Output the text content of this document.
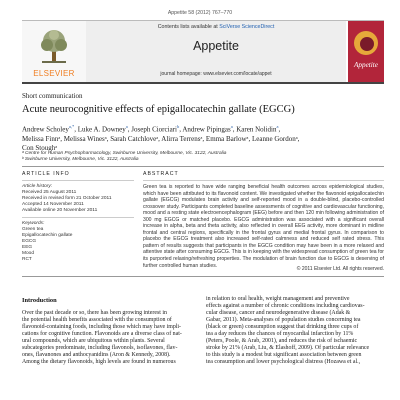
Appetite 58 (2012) 767–770
ELSEVIER
Contents lists available at SciVerse ScienceDirect
Appetite
journal homepage: www.elsevier.com/locate/appet
Appetite
Short communication
Acute neurocognitive effects of epigallocatechin gallate (EGCG)
Andrew Scholey$^{a,*}$, Luke A. Downey$^a$, Joseph Ciorciari$^b$, Andrew Pipingas$^a$, Karen Nolidin$^a$,
Melissa Finnᵃ, Melissa Winesᵃ, Sarah Catchloveᵃ, Alirra Terrensᵃ, Emma Barlowᵃ, Leanne Gordonᵃ,
Con Stoughᵃ
ᵃ Centre for Human Psychopharmacology, Swinburne University, Melbourne, Vic. 3122, Australia
ᵇ Swinburne University, Melbourne, Vic. 3122, Australia
ARTICLE INFO
Article history:
Received 25 August 2011
Received in revised form 21 October 2011
Accepted 14 November 2011
Available online 20 November 2011
Keywords:
Green tea
Epigallocatechin gallate
EGCG
EEG
Mood
RCT
ABSTRACT
Green tea is reported to have wide ranging beneficial health outcomes across epidemiological studies, which have been attributed to its flavonoid content. We investigated whether the flavonoid epigallocatechin gallate (EGCG) modulates brain activity and self-reported mood in a double-blind, placebo-controlled crossover study. Participants completed baseline assessments of cognitive and cardiovascular functioning, mood and a resting state electroencephalogram (EEG) before and then 120 min following administration of 300 mg EGCG or matched placebo. EGCG administration was associated with a significant overall increase in alpha, beta and theta activity, also reflected in overall EEG activity, more dominant in midline frontal and central regions, specifically in the frontal gyrus and medial frontal gyrus. In comparison to placebo the EGCG treatment also increased self-rated calmness and reduced self rated stress. This pattern of results suggests that participants in the EGCG condition may have been in a more relaxed and attentive state after consuming EGCG. This is in keeping with the widespread consumption of green tea for its purported relaxing/refreshing properties. The modulation of brain function due to EGCG is deserving of further controlled human studies.
© 2011 Elsevier Ltd. All rights reserved.
Introduction
Over the past decade or so, there has been growing interest in
the potential health benefits associated with the consumption of
flavonoid-containing foods, including those which may have impli-
cations for cognitive function. Flavonoids are a diverse class of nat-
ural compounds, which are ubiquitous within plants. Several
subcategories predominate, including flavonols, isoflavones, flav-
ones, flavanones and anthocyanidins (Aron & Kennedy, 2008).
Among the dietary flavonoids, high levels are found in numerous
in relation to oral health, weight management and preventive
effects against a number of chronic conditions including cardiovas-
cular disease, cancer and neurodegenerative disease (Adak &
Gabar, 2011). Meta-analyses of population studies concerning tea
(black or green) consumption suggest that drinking three cups of
tea a day reduces the chances of myocardial infarction by 11%
(Peters, Poole, & Arab, 2001), and reduces the risk of ischaemic
stroke by 21% (Arab, Liu, & Elashoff, 2009). Of particular relevance
to this study is a modest but significant association between green
tea consumption and lower psychological distress (Hozawa et al.,
